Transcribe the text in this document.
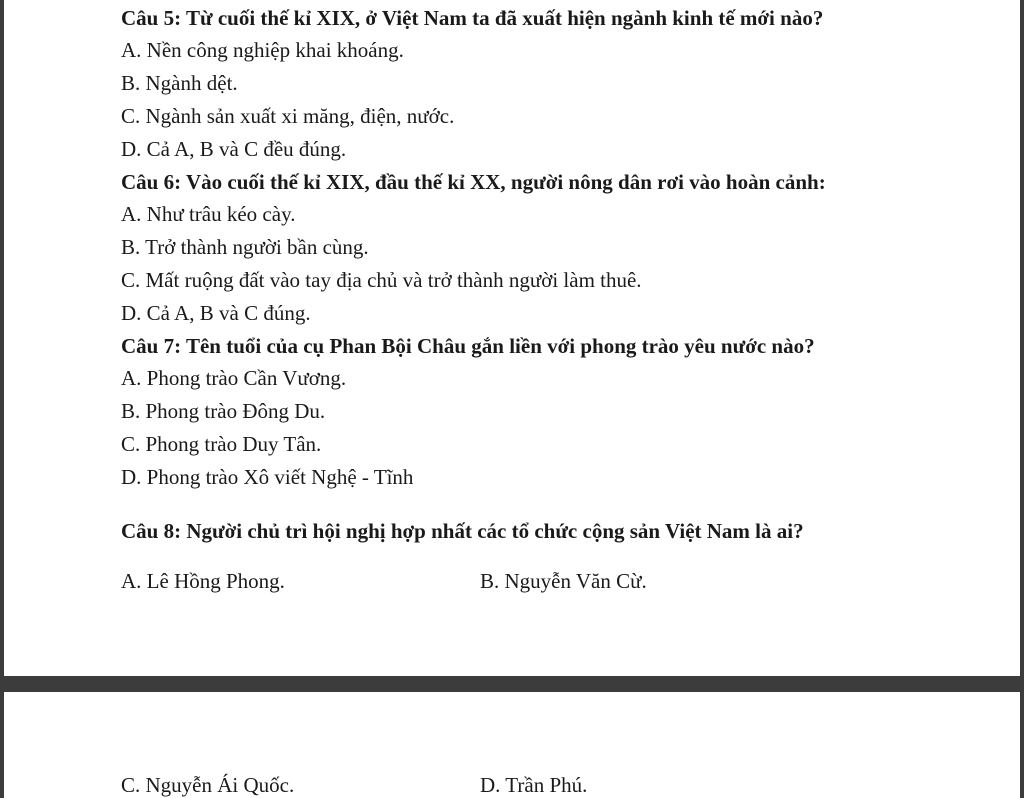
Câu 5: Từ cuối thế kỉ XIX, ở Việt Nam ta đã xuất hiện ngành kinh tế mới nào?
A. Nền công nghiệp khai khoáng.
B. Ngành dệt.
C. Ngành sản xuất xi măng, điện, nước.
D. Cả A, B và C đều đúng.
Câu 6: Vào cuối thế kỉ XIX, đầu thế kỉ XX, người nông dân rơi vào hoàn cảnh:
A. Như trâu kéo cày.
B. Trở thành người bần cùng.
C. Mất ruộng đất vào tay địa chủ và trở thành người làm thuê.
D. Cả A, B và C đúng.
Câu 7: Tên tuổi của cụ Phan Bội Châu gắn liền với phong trào yêu nước nào?
A. Phong trào Cần Vương.
B. Phong trào Đông Du.
C. Phong trào Duy Tân.
D. Phong trào Xô viết Nghệ - Tĩnh
Câu 8: Người chủ trì hội nghị hợp nhất các tổ chức cộng sản Việt Nam là ai?
A. Lê Hồng Phong.	B. Nguyễn Văn Cừ.
C. Nguyễn Ái Quốc.	D. Trần Phú.
